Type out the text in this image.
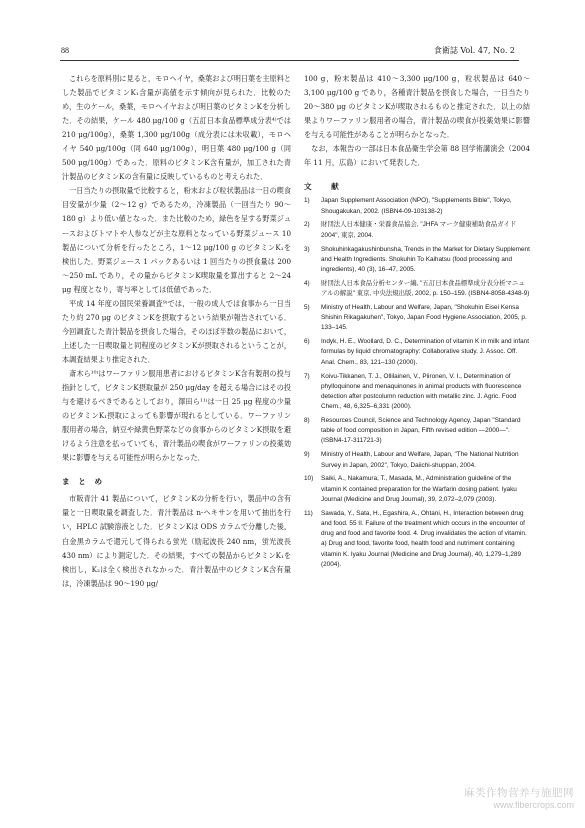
88	食衛誌 Vol. 47, No. 2

これらを原料別に見ると，モロヘイヤ，桑葉および明日葉を主原料とした製品でビタミンK₁含量が高値を示す傾向が見られた．比較のため，生のケール，桑葉，モロヘイヤおよび明日葉のビタミンKを分析した．その結果，ケール 480 μg/100 g（五訂日本食品標準成分表⁴⁾では 210 μg/100g），桑葉 1,300 μg/100g（成分表には未収載），モロヘイヤ 540 μg/100g（同 640 μg/100g），明日葉 480 μg/100 g（同 500 μg/100g）であった．原料のビタミンK含有量が，加工された青汁製品のビタミンKの含有量に反映しているものと考えられた．

一日当たりの摂取量で比較すると，粉末および粒状製品は一日の喫食目安量が少量（2～12 g）であるため，冷凍製品（一回当たり 90～180 g）より低い値となった．また比較のため，緑色を呈する野菜ジュースおよびトマトや人参などが主な原料となっている野菜ジュース 10 製品について分析を行ったところ，1～12 μg/100 g のビタミンK₁を検出した．野菜ジュース 1 パックあるいは 1 回当たりの摂食量は 200～250 mL であり，その量からビタミンK喫取量を算出すると 2～24 μg 程度となり，寄与率としては低値であった．

平成 14 年度の国民栄養調査⁹⁾では，一般の成人では食事から一日当たり約 270 μg のビタミンKを摂取するという結果が報告されている．今回調査した青汁製品を摂食した場合，そのほぼ半数の製品において，上述した一日喫取量と同程度のビタミンKが摂取されるということが，本調査結果より推定された．

斎木ら¹⁰⁾はワーファリン服用患者におけるビタミンK含有製剤の投与指針として，ビタミンK摂取量が 250 μg/day を超える場合にはその投与を避けるべきであるとしており，澤田ら¹¹⁾は一日 25 μg 程度の少量のビタミンK₁摂取によっても影響が現れるとしている．ワーファリン服用者の場合，納豆や緑黄色野菜などの食事からのビタミンK摂取を避けるよう注意を払っていても，青汁製品の喫食がワーファリンの投薬効果に影響を与える可能性が明らかとなった．

ま と め

市販青汁 41 製品について，ビタミンKの分析を行い，製品中の含有量と一日喫取量を調査した．青汁製品は n-ヘキサンを用いて抽出を行い，HPLC 試験溶液とした．ビタミンKは ODS カラムで分離した後，白金黒カラムで還元して得られる蛍光（励起波長 240 nm，蛍光波長 430 nm）により測定した．その結果，すべての製品からビタミンK₁を検出し，K₂は全く検出されなかった．青汁製品中のビタミンK含有量は，冷凍製品は 90～190 μg/

100 g，粉末製品は 410～3,300 μg/100 g，粒状製品は 640～3,100 μg/100 g であり，各種青汁製品を摂食した場合，一日当たり 20～380 μg のビタミンKが喫取されるものと推定された．以上の結果よりワーファリン服用者の場合，青汁製品の喫食が投薬効果に影響を与える可能性があることが明らかとなった．

なお，本報告の一部は日本食品衛生学会第 88 回学術講演会（2004 年 11 月，広島）において発表した．

文　献
1) Japan Supplement Association (NPO), "Supplements Bible", Tokyo, Shougakukan, 2002. (ISBN4-09-103138-2)
2) 財団法人日本健康・栄養食品協会, "JHFA マーク健康補助食品ガイド 2004", 東京, 2004.
3) Shokuhinkagakushinbunsha, Trends in the Market for Dietary Supplement and Health Ingredients. Shokuhin To Kaihatsu (food processing and ingredients), 40 (3), 16–47, 2005.
4) 財団法人日本食品分析センター編, "五訂日本食品標準成分表分析マニュアルの解説" 東京, 中央法規出版, 2002, p. 150–159. (ISBN4-8058-4348-9)
5) Ministry of Health, Labour and Welfare, Japan, "Shokuhin Eisei Kensa Shishin Rikagakuhen", Tokyo, Japan Food Hygiene Association, 2005, p. 133–145.
6) Indyk, H. E., Woollard, D. C., Determination of vitamin K in milk and infant formulas by liquid chromatography: Collaborative study. J. Assoc. Off. Anal. Chem., 83, 121–130 (2000).
7) Koivu-Tikkanen, T. J., Ollilainen, V., Piironen, V. I., Determination of phylloquinone and menaquinones in animal products with fluorescence detection after postcolumn reduction with metallic zinc. J. Agric. Food Chem., 48, 6,325–6,331 (2000).
8) Resources Council, Science and Technology Agency, Japan "Standard table of food composition in Japan, Fifth revised edition —2000—". (ISBN4-17-311721-3)
9) Ministry of Health, Labour and Welfare, Japan, "The National Nutrition Survey in Japan, 2002", Tokyo, Daiichi-shuppan, 2004.
10) Saiki, A., Nakamura, T., Masada, M., Administration guideline of the vitamin K contained preparation for the Warfarin dosing patient. Iyaku Journal (Medicine and Drug Journal), 39, 2,072–2,079 (2003).
11) Sawada, Y., Sata, H., Egashira, A., Ohtani, H., Interaction between drug and food. 55 II. Failure of the treatment which occurs in the encounter of drug and food and favorite food. 4. Drug invalidates the action of vitamin. a) Drug and food, favorite food, health food and nutriment containing vitamin K. Iyaku Journal (Medicine and Drug Journal), 40, 1,279–1,289 (2004).
麻类作物营养与施肥网
www.fibercrops.com
